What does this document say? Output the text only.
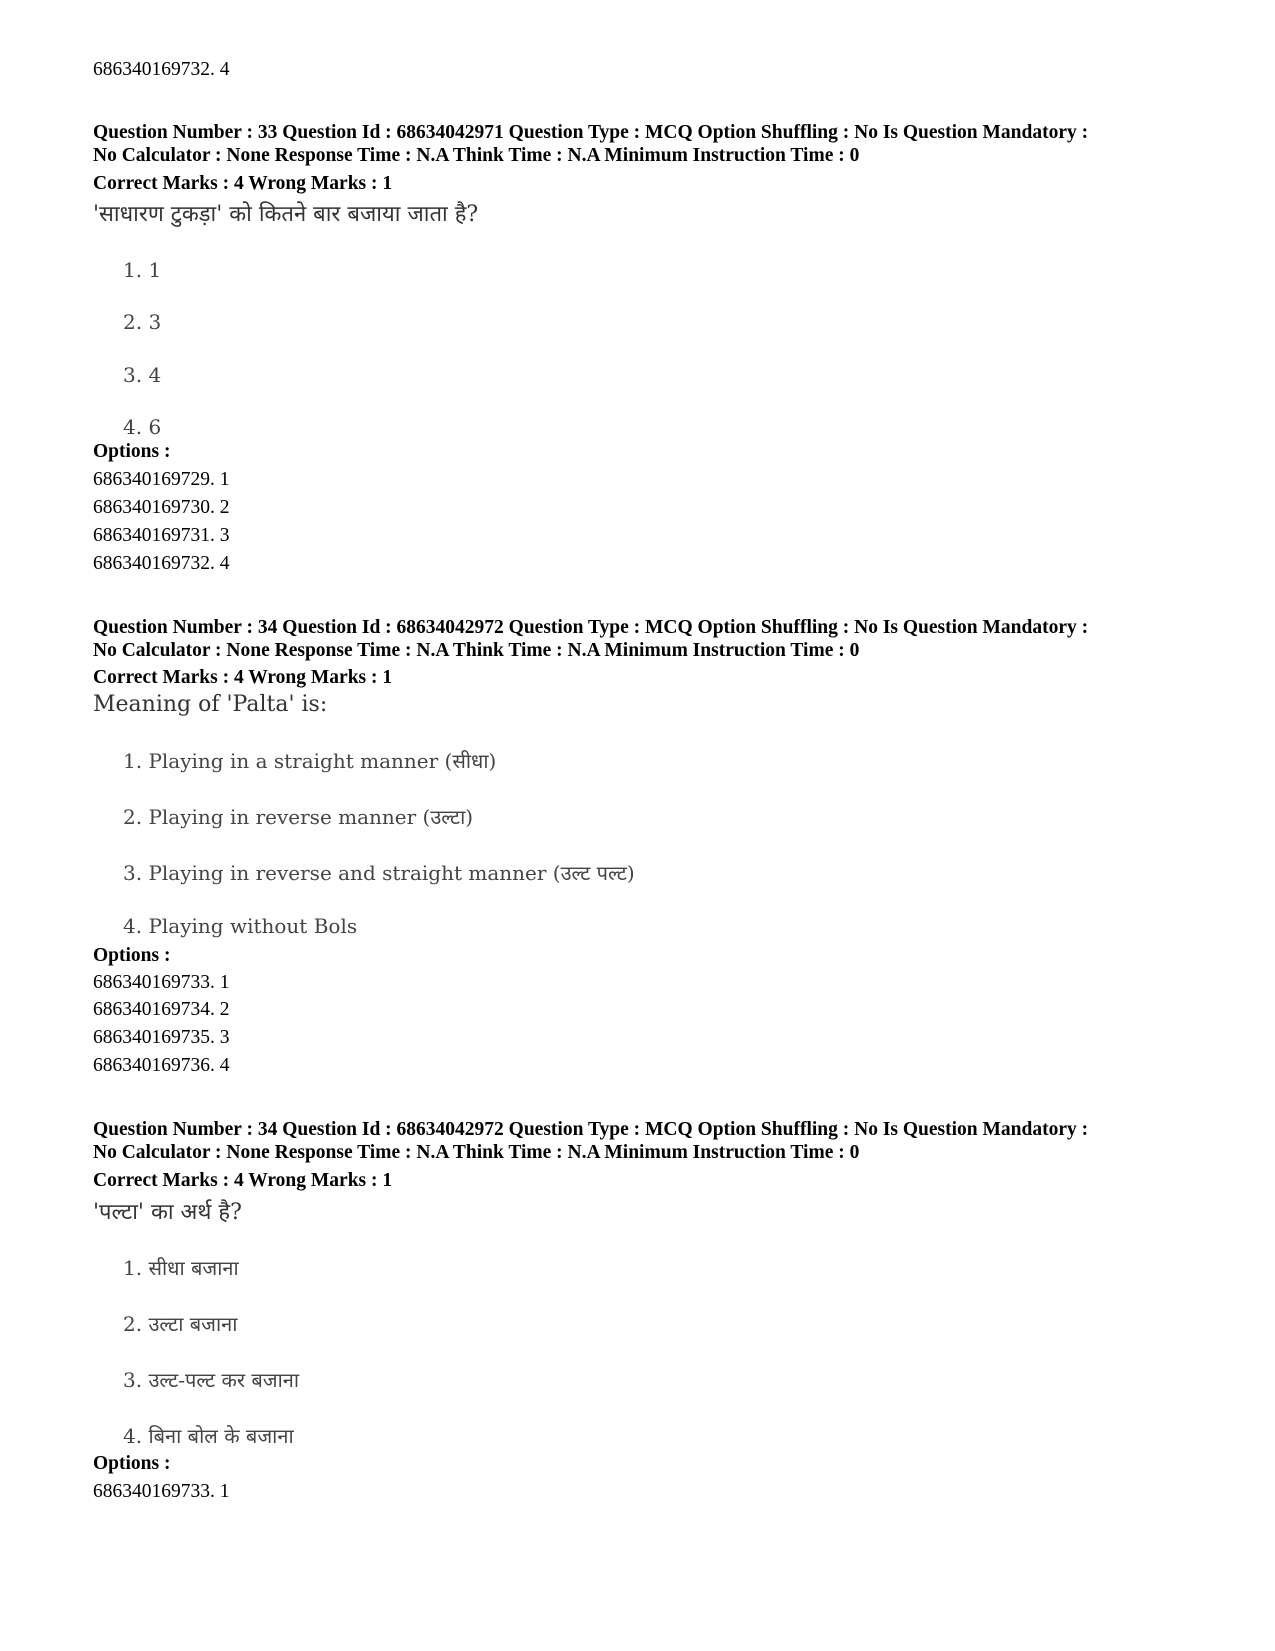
686340169732. 4
Question Number : 33 Question Id : 68634042971 Question Type : MCQ Option Shuffling : No Is Question Mandatory :
No Calculator : None Response Time : N.A Think Time : N.A Minimum Instruction Time : 0
Correct Marks : 4 Wrong Marks : 1
'साधारण टुकड़ा' को कितने बार बजाया जाता है?
1. 1
2. 3
3. 4
4. 6
Options :
686340169729. 1
686340169730. 2
686340169731. 3
686340169732. 4
Question Number : 34 Question Id : 68634042972 Question Type : MCQ Option Shuffling : No Is Question Mandatory :
No Calculator : None Response Time : N.A Think Time : N.A Minimum Instruction Time : 0
Correct Marks : 4 Wrong Marks : 1
Meaning of 'Palta' is:
1. Playing in a straight manner (सीधा)
2. Playing in reverse manner (उल्टा)
3. Playing in reverse and straight manner (उल्ट पल्ट)
4. Playing without Bols
Options :
686340169733. 1
686340169734. 2
686340169735. 3
686340169736. 4
Question Number : 34 Question Id : 68634042972 Question Type : MCQ Option Shuffling : No Is Question Mandatory :
No Calculator : None Response Time : N.A Think Time : N.A Minimum Instruction Time : 0
Correct Marks : 4 Wrong Marks : 1
'पल्टा' का अर्थ है?
1. सीधा बजाना
2. उल्टा बजाना
3. उल्ट-पल्ट कर बजाना
4. बिना बोल के बजाना
Options :
686340169733. 1
